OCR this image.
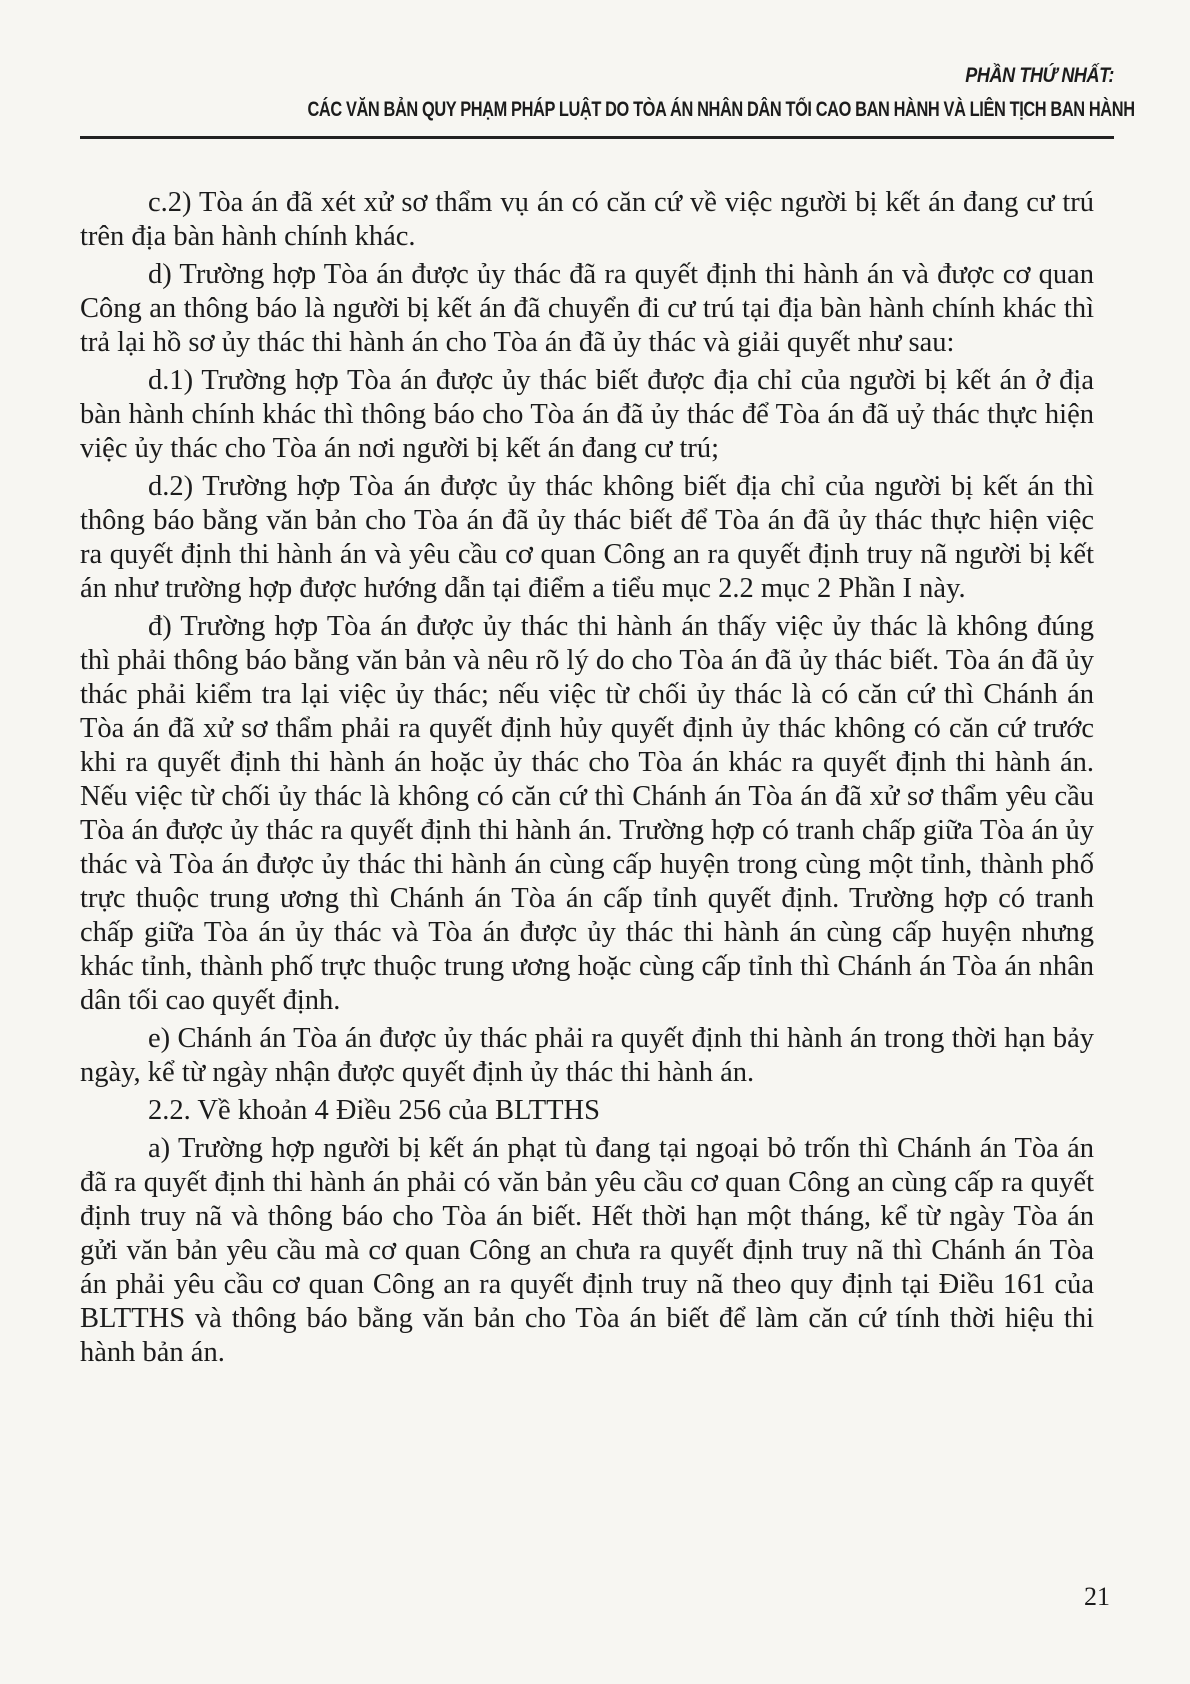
PHẦN THỨ NHẤT:
CÁC VĂN BẢN QUY PHẠM PHÁP LUẬT DO TÒA ÁN NHÂN DÂN TỐI CAO BAN HÀNH VÀ LIÊN TỊCH BAN HÀNH

c.2) Tòa án đã xét xử sơ thẩm vụ án có căn cứ về việc người bị kết án đang cư trú trên địa bàn hành chính khác.

d) Trường hợp Tòa án được ủy thác đã ra quyết định thi hành án và được cơ quan Công an thông báo là người bị kết án đã chuyển đi cư trú tại địa bàn hành chính khác thì trả lại hồ sơ ủy thác thi hành án cho Tòa án đã ủy thác và giải quyết như sau:

d.1) Trường hợp Tòa án được ủy thác biết được địa chỉ của người bị kết án ở địa bàn hành chính khác thì thông báo cho Tòa án đã ủy thác để Tòa án đã uỷ thác thực hiện việc ủy thác cho Tòa án nơi người bị kết án đang cư trú;

d.2) Trường hợp Tòa án được ủy thác không biết địa chỉ của người bị kết án thì thông báo bằng văn bản cho Tòa án đã ủy thác biết để Tòa án đã ủy thác thực hiện việc ra quyết định thi hành án và yêu cầu cơ quan Công an ra quyết định truy nã người bị kết án như trường hợp được hướng dẫn tại điểm a tiểu mục 2.2 mục 2 Phần I này.

đ) Trường hợp Tòa án được ủy thác thi hành án thấy việc ủy thác là không đúng thì phải thông báo bằng văn bản và nêu rõ lý do cho Tòa án đã ủy thác biết. Tòa án đã ủy thác phải kiểm tra lại việc ủy thác; nếu việc từ chối ủy thác là có căn cứ thì Chánh án Tòa án đã xử sơ thẩm phải ra quyết định hủy quyết định ủy thác không có căn cứ trước khi ra quyết định thi hành án hoặc ủy thác cho Tòa án khác ra quyết định thi hành án. Nếu việc từ chối ủy thác là không có căn cứ thì Chánh án Tòa án đã xử sơ thẩm yêu cầu Tòa án được ủy thác ra quyết định thi hành án. Trường hợp có tranh chấp giữa Tòa án ủy thác và Tòa án được ủy thác thi hành án cùng cấp huyện trong cùng một tỉnh, thành phố trực thuộc trung ương thì Chánh án Tòa án cấp tỉnh quyết định. Trường hợp có tranh chấp giữa Tòa án ủy thác và Tòa án được ủy thác thi hành án cùng cấp huyện nhưng khác tỉnh, thành phố trực thuộc trung ương hoặc cùng cấp tỉnh thì Chánh án Tòa án nhân dân tối cao quyết định.

e) Chánh án Tòa án được ủy thác phải ra quyết định thi hành án trong thời hạn bảy ngày, kể từ ngày nhận được quyết định ủy thác thi hành án.

2.2. Về khoản 4 Điều 256 của BLTTHS

a) Trường hợp người bị kết án phạt tù đang tại ngoại bỏ trốn thì Chánh án Tòa án đã ra quyết định thi hành án phải có văn bản yêu cầu cơ quan Công an cùng cấp ra quyết định truy nã và thông báo cho Tòa án biết. Hết thời hạn một tháng, kể từ ngày Tòa án gửi văn bản yêu cầu mà cơ quan Công an chưa ra quyết định truy nã thì Chánh án Tòa án phải yêu cầu cơ quan Công an ra quyết định truy nã theo quy định tại Điều 161 của BLTTHS và thông báo bằng văn bản cho Tòa án biết để làm căn cứ tính thời hiệu thi hành bản án.

21
